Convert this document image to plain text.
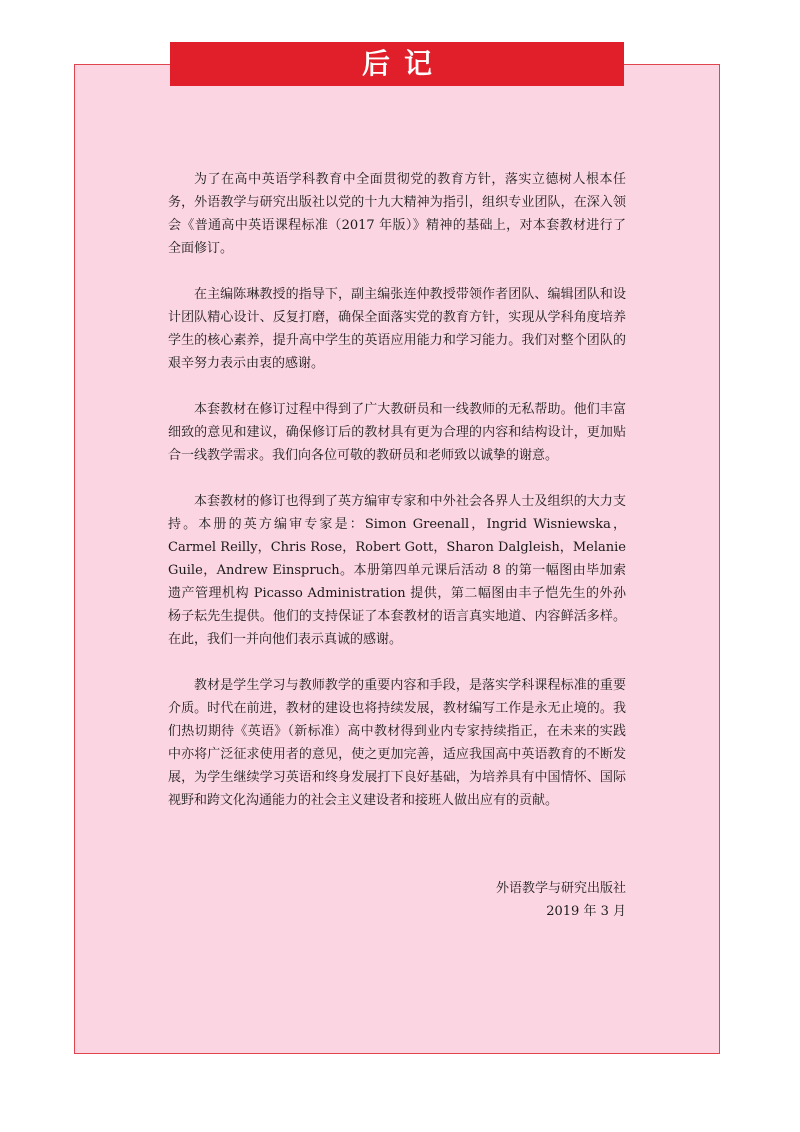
后记

为了在高中英语学科教育中全面贯彻党的教育方针，落实立德树人根本任务，外语教学与研究出版社以党的十九大精神为指引，组织专业团队，在深入领会《普通高中英语课程标准（2017 年版）》精神的基础上，对本套教材进行了全面修订。

在主编陈琳教授的指导下，副主编张连仲教授带领作者团队、编辑团队和设计团队精心设计、反复打磨，确保全面落实党的教育方针，实现从学科角度培养学生的核心素养，提升高中学生的英语应用能力和学习能力。我们对整个团队的艰辛努力表示由衷的感谢。

本套教材在修订过程中得到了广大教研员和一线教师的无私帮助。他们丰富细致的意见和建议，确保修订后的教材具有更为合理的内容和结构设计，更加贴合一线教学需求。我们向各位可敬的教研员和老师致以诚挚的谢意。

本套教材的修订也得到了英方编审专家和中外社会各界人士及组织的大力支持。本册的英方编审专家是：Simon Greenall，Ingrid Wisniewska，Carmel Reilly，Chris Rose，Robert Gott，Sharon Dalgleish，Melanie Guile，Andrew Einspruch。本册第四单元课后活动 8 的第一幅图由毕加索遗产管理机构 Picasso Administration 提供，第二幅图由丰子恺先生的外孙杨子耘先生提供。他们的支持保证了本套教材的语言真实地道、内容鲜活多样。在此，我们一并向他们表示真诚的感谢。

教材是学生学习与教师教学的重要内容和手段，是落实学科课程标准的重要介质。时代在前进，教材的建设也将持续发展，教材编写工作是永无止境的。我们热切期待《英语》（新标准）高中教材得到业内专家持续指正，在未来的实践中亦将广泛征求使用者的意见，使之更加完善，适应我国高中英语教育的不断发展，为学生继续学习英语和终身发展打下良好基础，为培养具有中国情怀、国际视野和跨文化沟通能力的社会主义建设者和接班人做出应有的贡献。

外语教学与研究出版社
2019 年 3 月
